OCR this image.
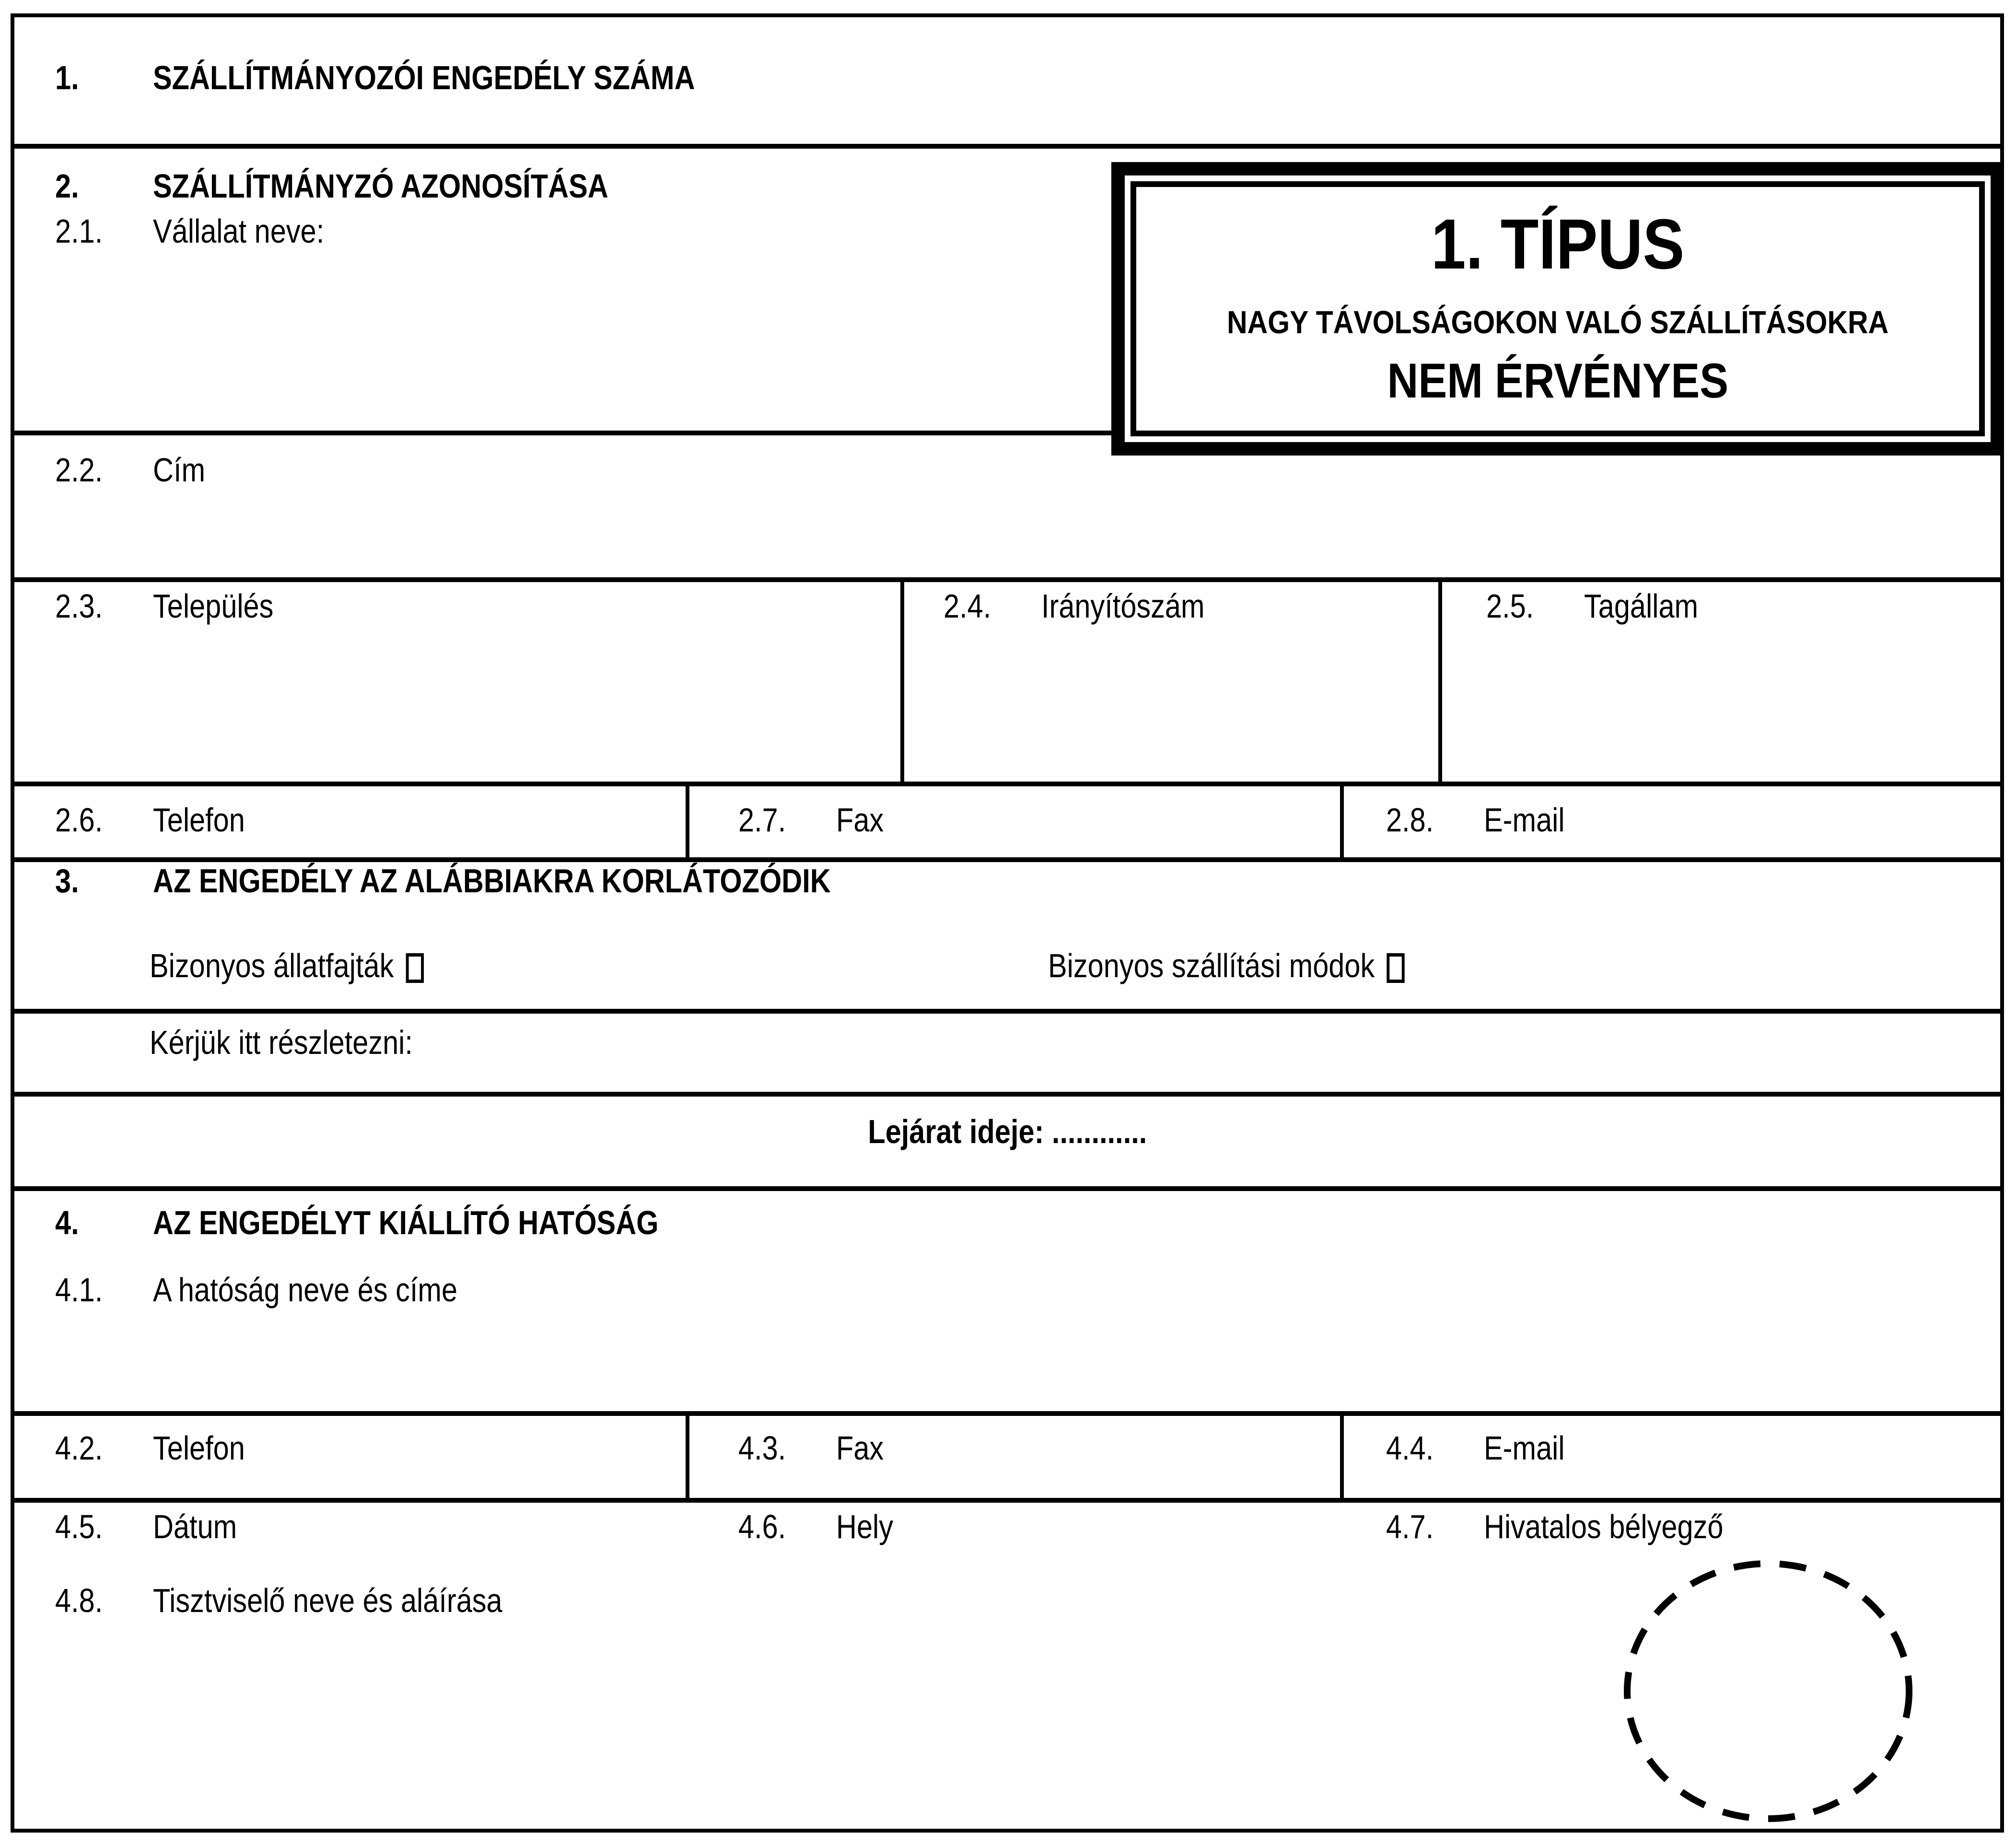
1. SZÁLLÍTMÁNYOZÓI ENGEDÉLY SZÁMA
1. TÍPUS
NAGY TÁVOLSÁGOKON VALÓ SZÁLLÍTÁSOKRA
NEM ÉRVÉNYES
2. SZÁLLÍTMÁNYZÓ AZONOSÍTÁSA
2.1. Vállalat neve:
2.2. Cím
2.3. Település	2.4. Irányítószám	2.5. Tagállam
2.6. Telefon	2.7. Fax	2.8. E-mail
3. AZ ENGEDÉLY AZ ALÁBBIAKRA KORLÁTOZÓDIK
Bizonyos állatfajták	Bizonyos szállítási módok
Kérjük itt részletezni:
Lejárat ideje: ............
4. AZ ENGEDÉLYT KIÁLLÍTÓ HATÓSÁG
4.1. A hatóság neve és címe
4.2. Telefon	4.3. Fax	4.4. E-mail
4.5. Dátum	4.6. Hely	4.7. Hivatalos bélyegző
4.8. Tisztviselő neve és aláírása
